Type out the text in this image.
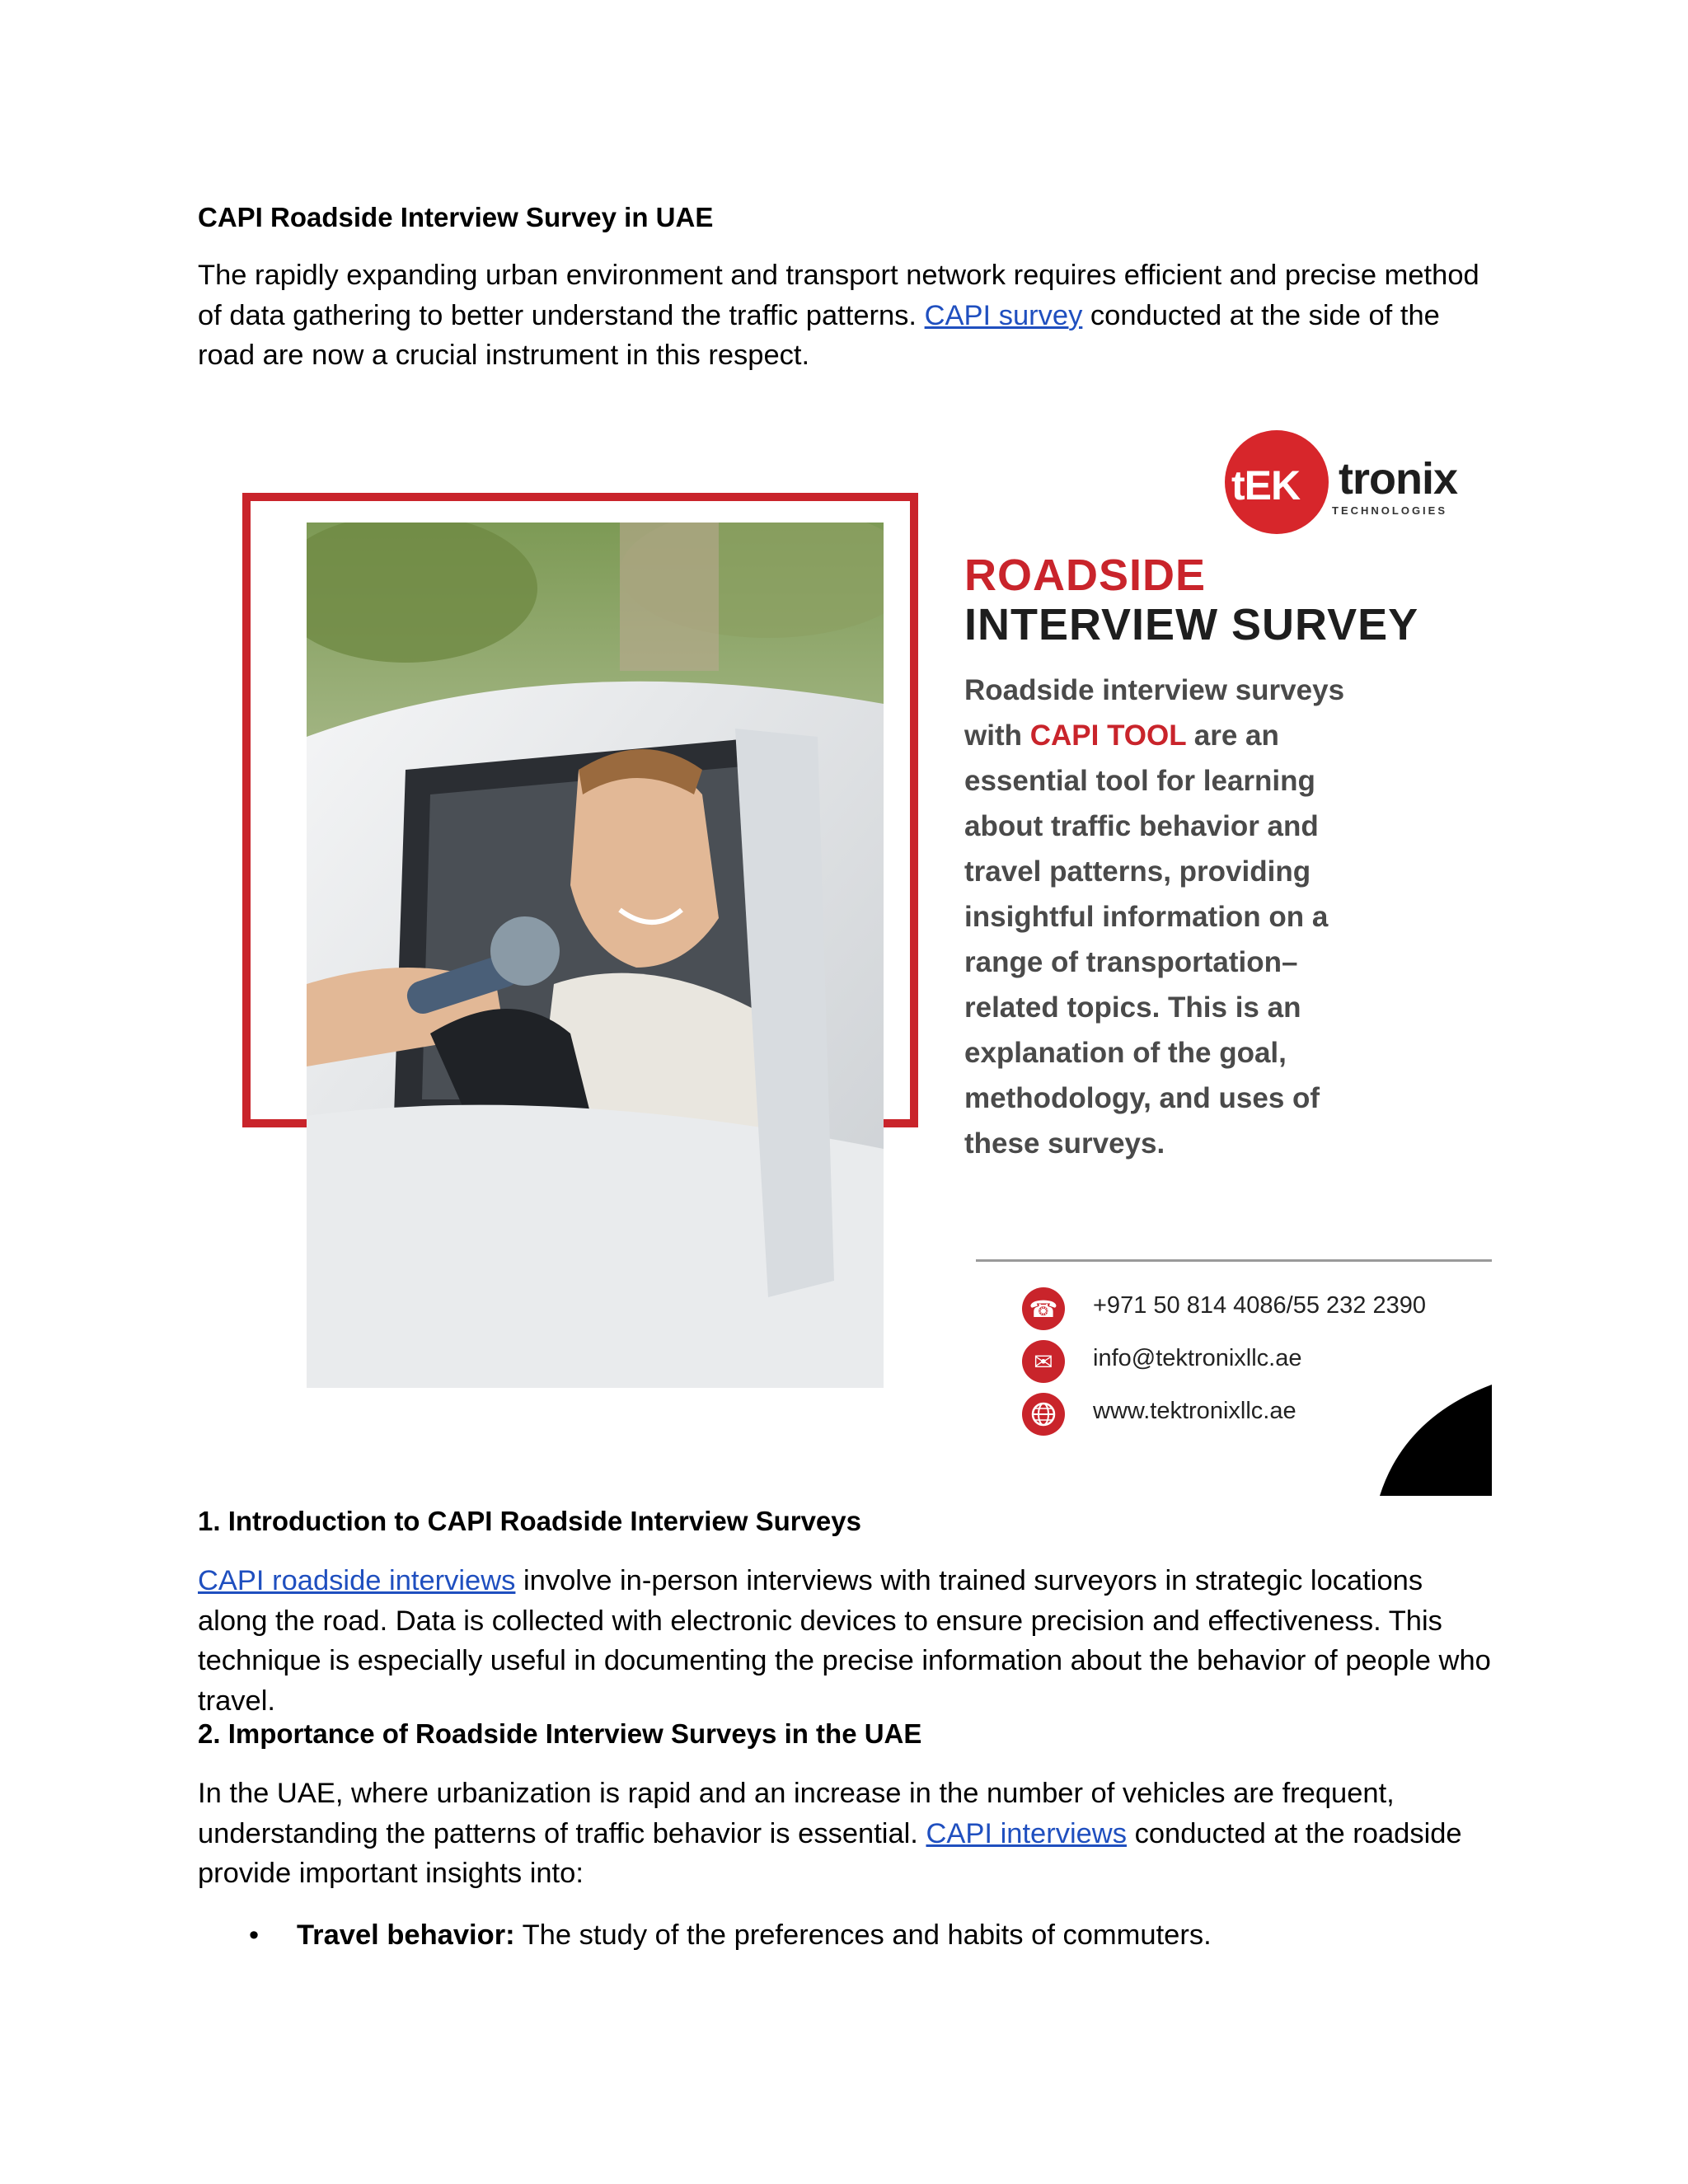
CAPI Roadside Interview Survey in UAE

The rapidly expanding urban environment and transport network requires efficient and precise method of data gathering to better understand the traffic patterns. CAPI survey conducted at the side of the road are now a crucial instrument in this respect.

tEK tronix
TECHNOLOGIES
ROADSIDE
INTERVIEW SURVEY
Roadside interview surveys with CAPI TOOL are an essential tool for learning about traffic behavior and travel patterns, providing insightful information on a range of transportation–related topics. This is an explanation of the goal, methodology, and uses of these surveys.
☎ +971 50 814 4086/55 232 2390
✉	info@tektronixllc.ae
www.tektronixllc.ae
1. Introduction to CAPI Roadside Interview Surveys

CAPI roadside interviews involve in-person interviews with trained surveyors in strategic locations along the road. Data is collected with electronic devices to ensure precision and effectiveness. This technique is especially useful in documenting the precise information about the behavior of people who travel.

2. Importance of Roadside Interview Surveys in the UAE

In the UAE, where urbanization is rapid and an increase in the number of vehicles are frequent, understanding the patterns of traffic behavior is essential. CAPI interviews conducted at the roadside provide important insights into:

• Travel behavior: The study of the preferences and habits of commuters.
